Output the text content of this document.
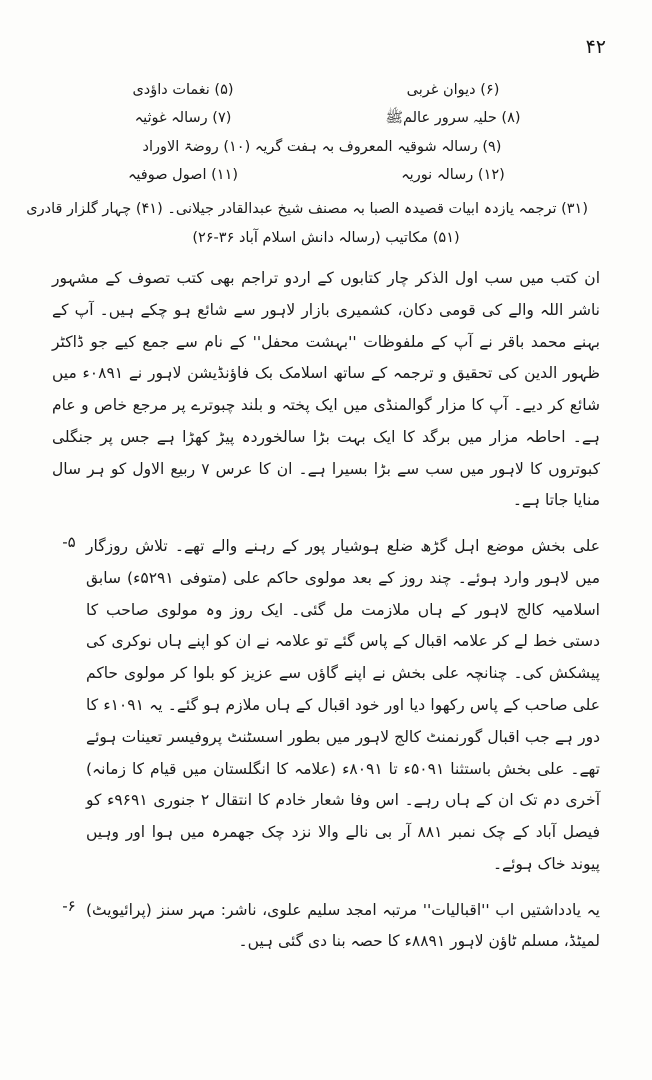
۲۴
(۶) دیوان غربی
(۵) نغمات داؤدی
(۸) حلیہ سرور عالمﷺ
(۷) رسالہ غوثیہ
(۹) رسالہ شوقیہ المعروف بہ ہفت گریہ (۱۰) روضۃ الاوراد
(۱۲) رسالہ نوریہ
(۱۱) اصول صوفیہ
(۱۳) ترجمہ یازدہ ابیات قصیدہ الصبا بہ مصنف شیخ عبدالقادر جیلانی۔ (۱۴) چہار گلزار قادری
(۱۵) مکاتیب (رسالہ دانش اسلام آباد ۶۳-۶۲)
ان کتب میں سب اول الذکر چار کتابوں کے اردو تراجم بھی کتب تصوف کے مشہور ناشر اللہ والے کی قومی دکان، کشمیری بازار لاہور سے شائع ہو چکے ہیں۔ آپ کے بہنے محمد باقر نے آپ کے ملفوظات ''بہشت محفل'' کے نام سے جمع کیے جو ڈاکٹر ظہور الدین کی تحقیق و ترجمہ کے ساتھ اسلامک بک فاؤنڈیشن لاہور نے ۱۹۸۰ء میں شائع کر دیے۔ آپ کا مزار گوالمنڈی میں ایک پختہ و بلند چبوترے پر مرجع خاص و عام ہے۔ احاطہ مزار میں برگد کا ایک بہت بڑا سالخوردہ پیڑ کھڑا ہے جس پر جنگلی کبوتروں کا لاہور میں سب سے بڑا بسیرا ہے۔ ان کا عرس ۷ ربیع الاول کو ہر سال منایا جاتا ہے۔
علی بخش موضع اہل گڑھ ضلع ہوشیار پور کے رہنے والے تھے۔ تلاش روزگار میں لاہور وارد ہوئے۔ چند روز کے بعد مولوی حاکم علی (متوفی ۱۹۲۵ء) سابق اسلامیہ کالج لاہور کے ہاں ملازمت مل گئی۔ ایک روز وہ مولوی صاحب کا دستی خط لے کر علامہ اقبال کے پاس گئے تو علامہ نے ان کو اپنے ہاں نوکری کی پیشکش کی۔ چنانچہ علی بخش نے اپنے گاؤں سے عزیز کو بلوا کر مولوی حاکم علی صاحب کے پاس رکھوا دیا اور خود اقبال کے ہاں ملازم ہو گئے۔ یہ ۱۹۰۱ء کا دور ہے جب اقبال گورنمنٹ کالج لاہور میں بطور اسسٹنٹ پروفیسر تعینات ہوئے تھے۔ علی بخش باستثنا ۱۹۰۵ء تا ۱۹۰۸ء (علامہ کا انگلستان میں قیام کا زمانہ) آخری دم تک ان کے ہاں رہے۔ اس وفا شعار خادم کا انتقال ۲ جنوری ۱۹۶۹ء کو فیصل آباد کے چک نمبر ۱۸۸ آر بی نالے والا نزد چک جھمرہ میں ہوا اور وہیں پیوند خاک ہوئے۔
۵-
یہ یادداشتیں اب ''اقبالیات'' مرتبہ امجد سلیم علوی، ناشر: مہر سنز (پرائیویٹ) لمیٹڈ، مسلم ٹاؤن لاہور ۱۹۸۸ء کا حصہ بنا دی گئی ہیں۔
۶-
